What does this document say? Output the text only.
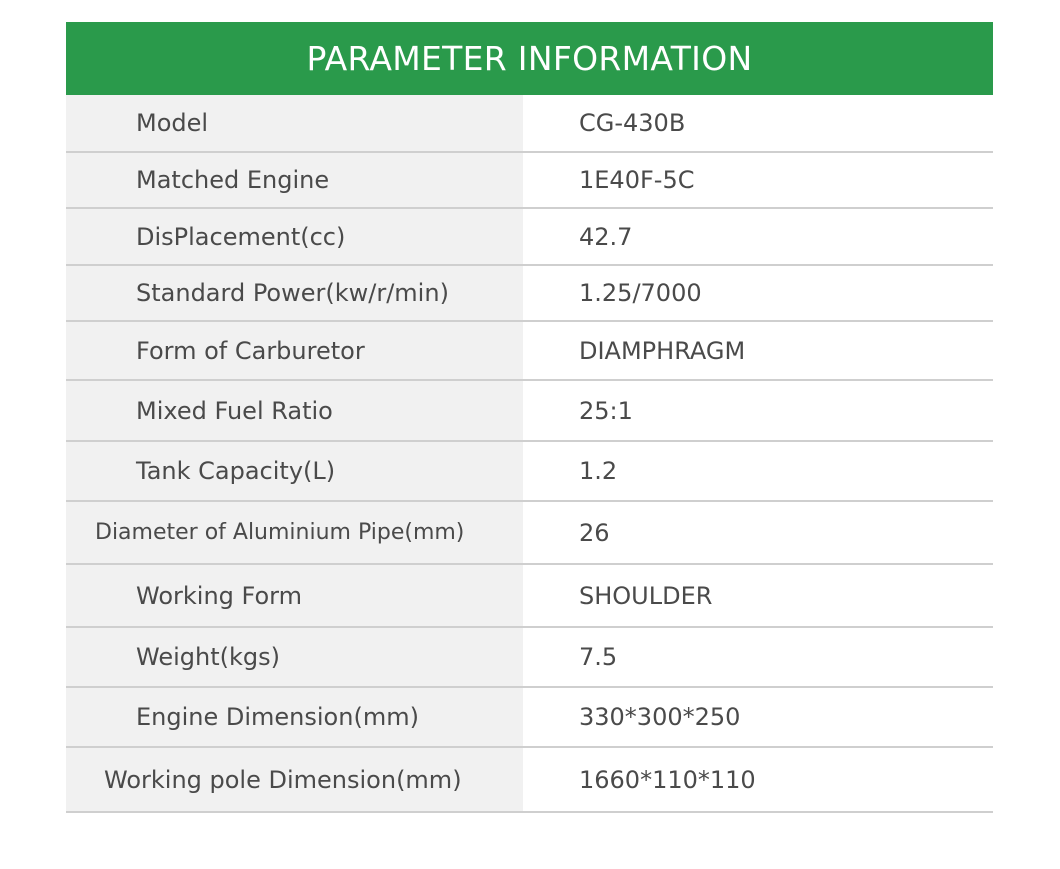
PARAMETER INFORMATION
Model	CG-430B
Matched Engine	1E40F-5C
DisPlacement(cc)	42.7
Standard Power(kw/r/min)	1.25/7000
Form of Carburetor	DIAMPHRAGM
Mixed Fuel Ratio	25:1
Tank Capacity(L)	1.2
Diameter of Aluminium Pipe(mm)	26
Working Form	SHOULDER
Weight(kgs)	7.5
Engine Dimension(mm)	330*300*250
Working pole Dimension(mm)	1660*110*110
